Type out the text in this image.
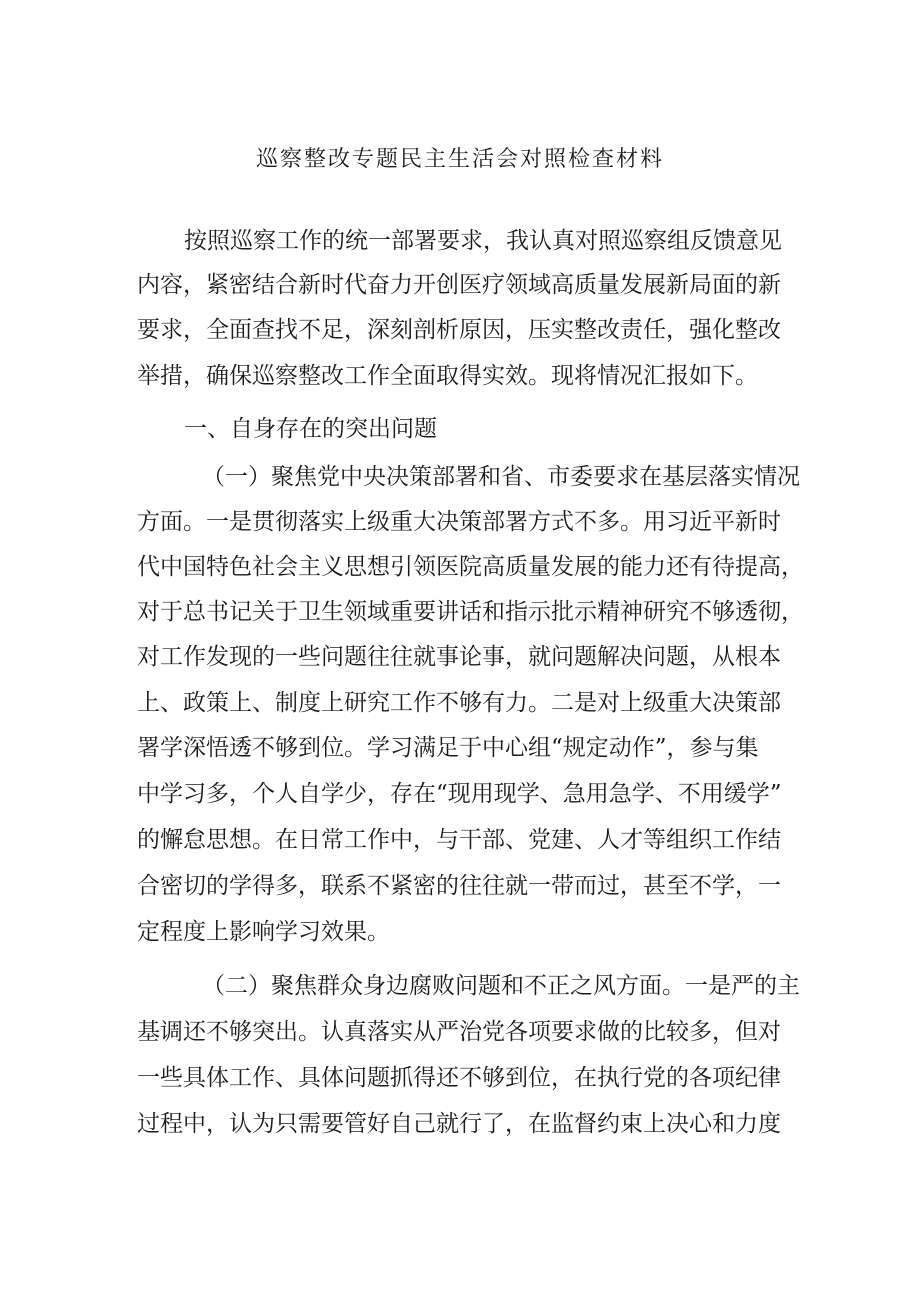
巡察整改专题民主生活会对照检查材料
按照巡察工作的统一部署要求，我认真对照巡察组反馈意见
内容，紧密结合新时代奋力开创医疗领域高质量发展新局面的新
要求，全面查找不足，深刻剖析原因，压实整改责任，强化整改
举措，确保巡察整改工作全面取得实效。现将情况汇报如下。
一、自身存在的突出问题
（一）聚焦党中央决策部署和省、市委要求在基层落实情况
方面。一是贯彻落实上级重大决策部署方式不多。用习近平新时
代中国特色社会主义思想引领医院高质量发展的能力还有待提高，
对于总书记关于卫生领域重要讲话和指示批示精神研究不够透彻，
对工作发现的一些问题往往就事论事，就问题解决问题，从根本
上、政策上、制度上研究工作不够有力。二是对上级重大决策部
署学深悟透不够到位。学习满足于中心组“规定动作”，参与集
中学习多，个人自学少，存在“现用现学、急用急学、不用缓学”
的懈怠思想。在日常工作中，与干部、党建、人才等组织工作结
合密切的学得多，联系不紧密的往往就一带而过，甚至不学，一
定程度上影响学习效果。
（二）聚焦群众身边腐败问题和不正之风方面。一是严的主
基调还不够突出。认真落实从严治党各项要求做的比较多，但对
一些具体工作、具体问题抓得还不够到位，在执行党的各项纪律
过程中，认为只需要管好自己就行了，在监督约束上决心和力度
